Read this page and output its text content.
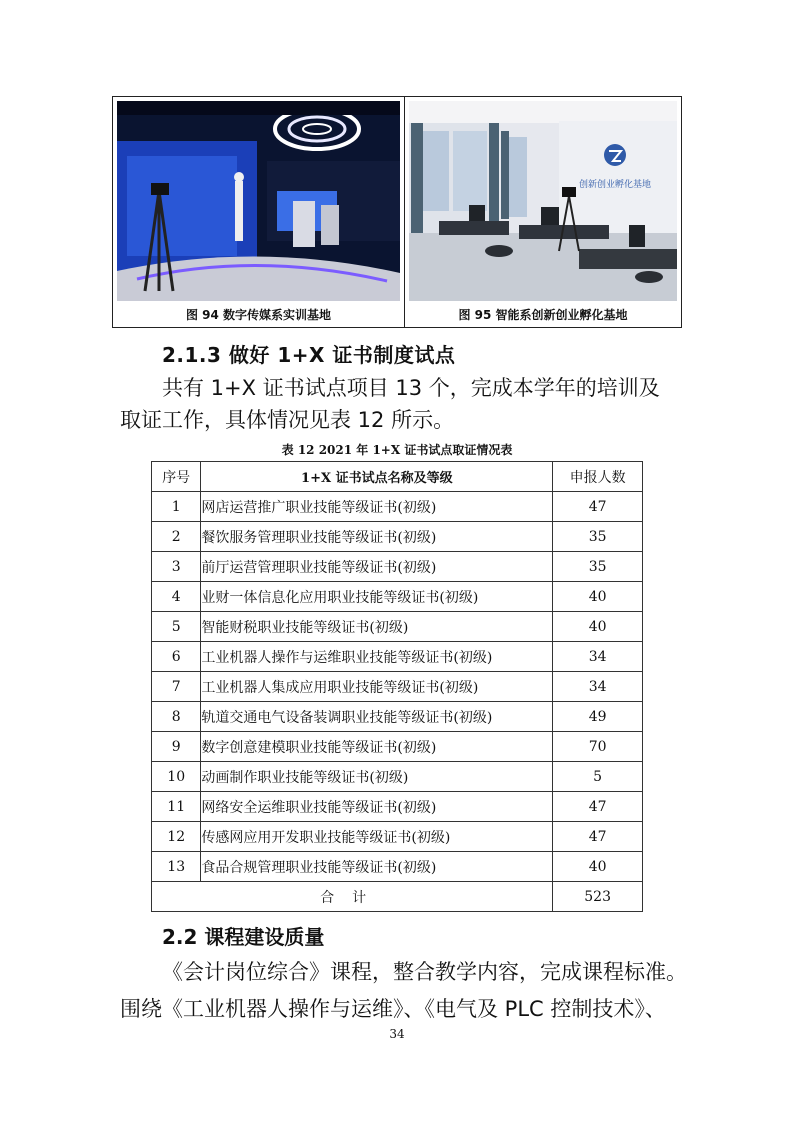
图 94 数字传媒系实训基地
创新创业孵化基地
图 95 智能系创新创业孵化基地
2.1.3 做好 1+X 证书制度试点
共有 1+X 证书试点项目 13 个，完成本学年的培训及
取证工作，具体情况见表 12 所示。
表 12 2021 年 1+X 证书试点取证情况表
序号	1+X 证书试点名称及等级	申报人数
1	网店运营推广职业技能等级证书(初级)	47
2	餐饮服务管理职业技能等级证书(初级)	35
3	前厅运营管理职业技能等级证书(初级)	35
4	业财一体信息化应用职业技能等级证书(初级)	40
5	智能财税职业技能等级证书(初级)	40
6	工业机器人操作与运维职业技能等级证书(初级)	34
7	工业机器人集成应用职业技能等级证书(初级)	34
8	轨道交通电气设备装调职业技能等级证书(初级)	49
9	数字创意建模职业技能等级证书(初级)	70
10	动画制作职业技能等级证书(初级)	5
11	网络安全运维职业技能等级证书(初级)	47
12	传感网应用开发职业技能等级证书(初级)	47
13	食品合规管理职业技能等级证书(初级)	40
合计		523
2.2 课程建设质量
《会计岗位综合》课程，整合教学内容，完成课程标准。
围绕《工业机器人操作与运维》、《电气及 PLC 控制技术》、
34
